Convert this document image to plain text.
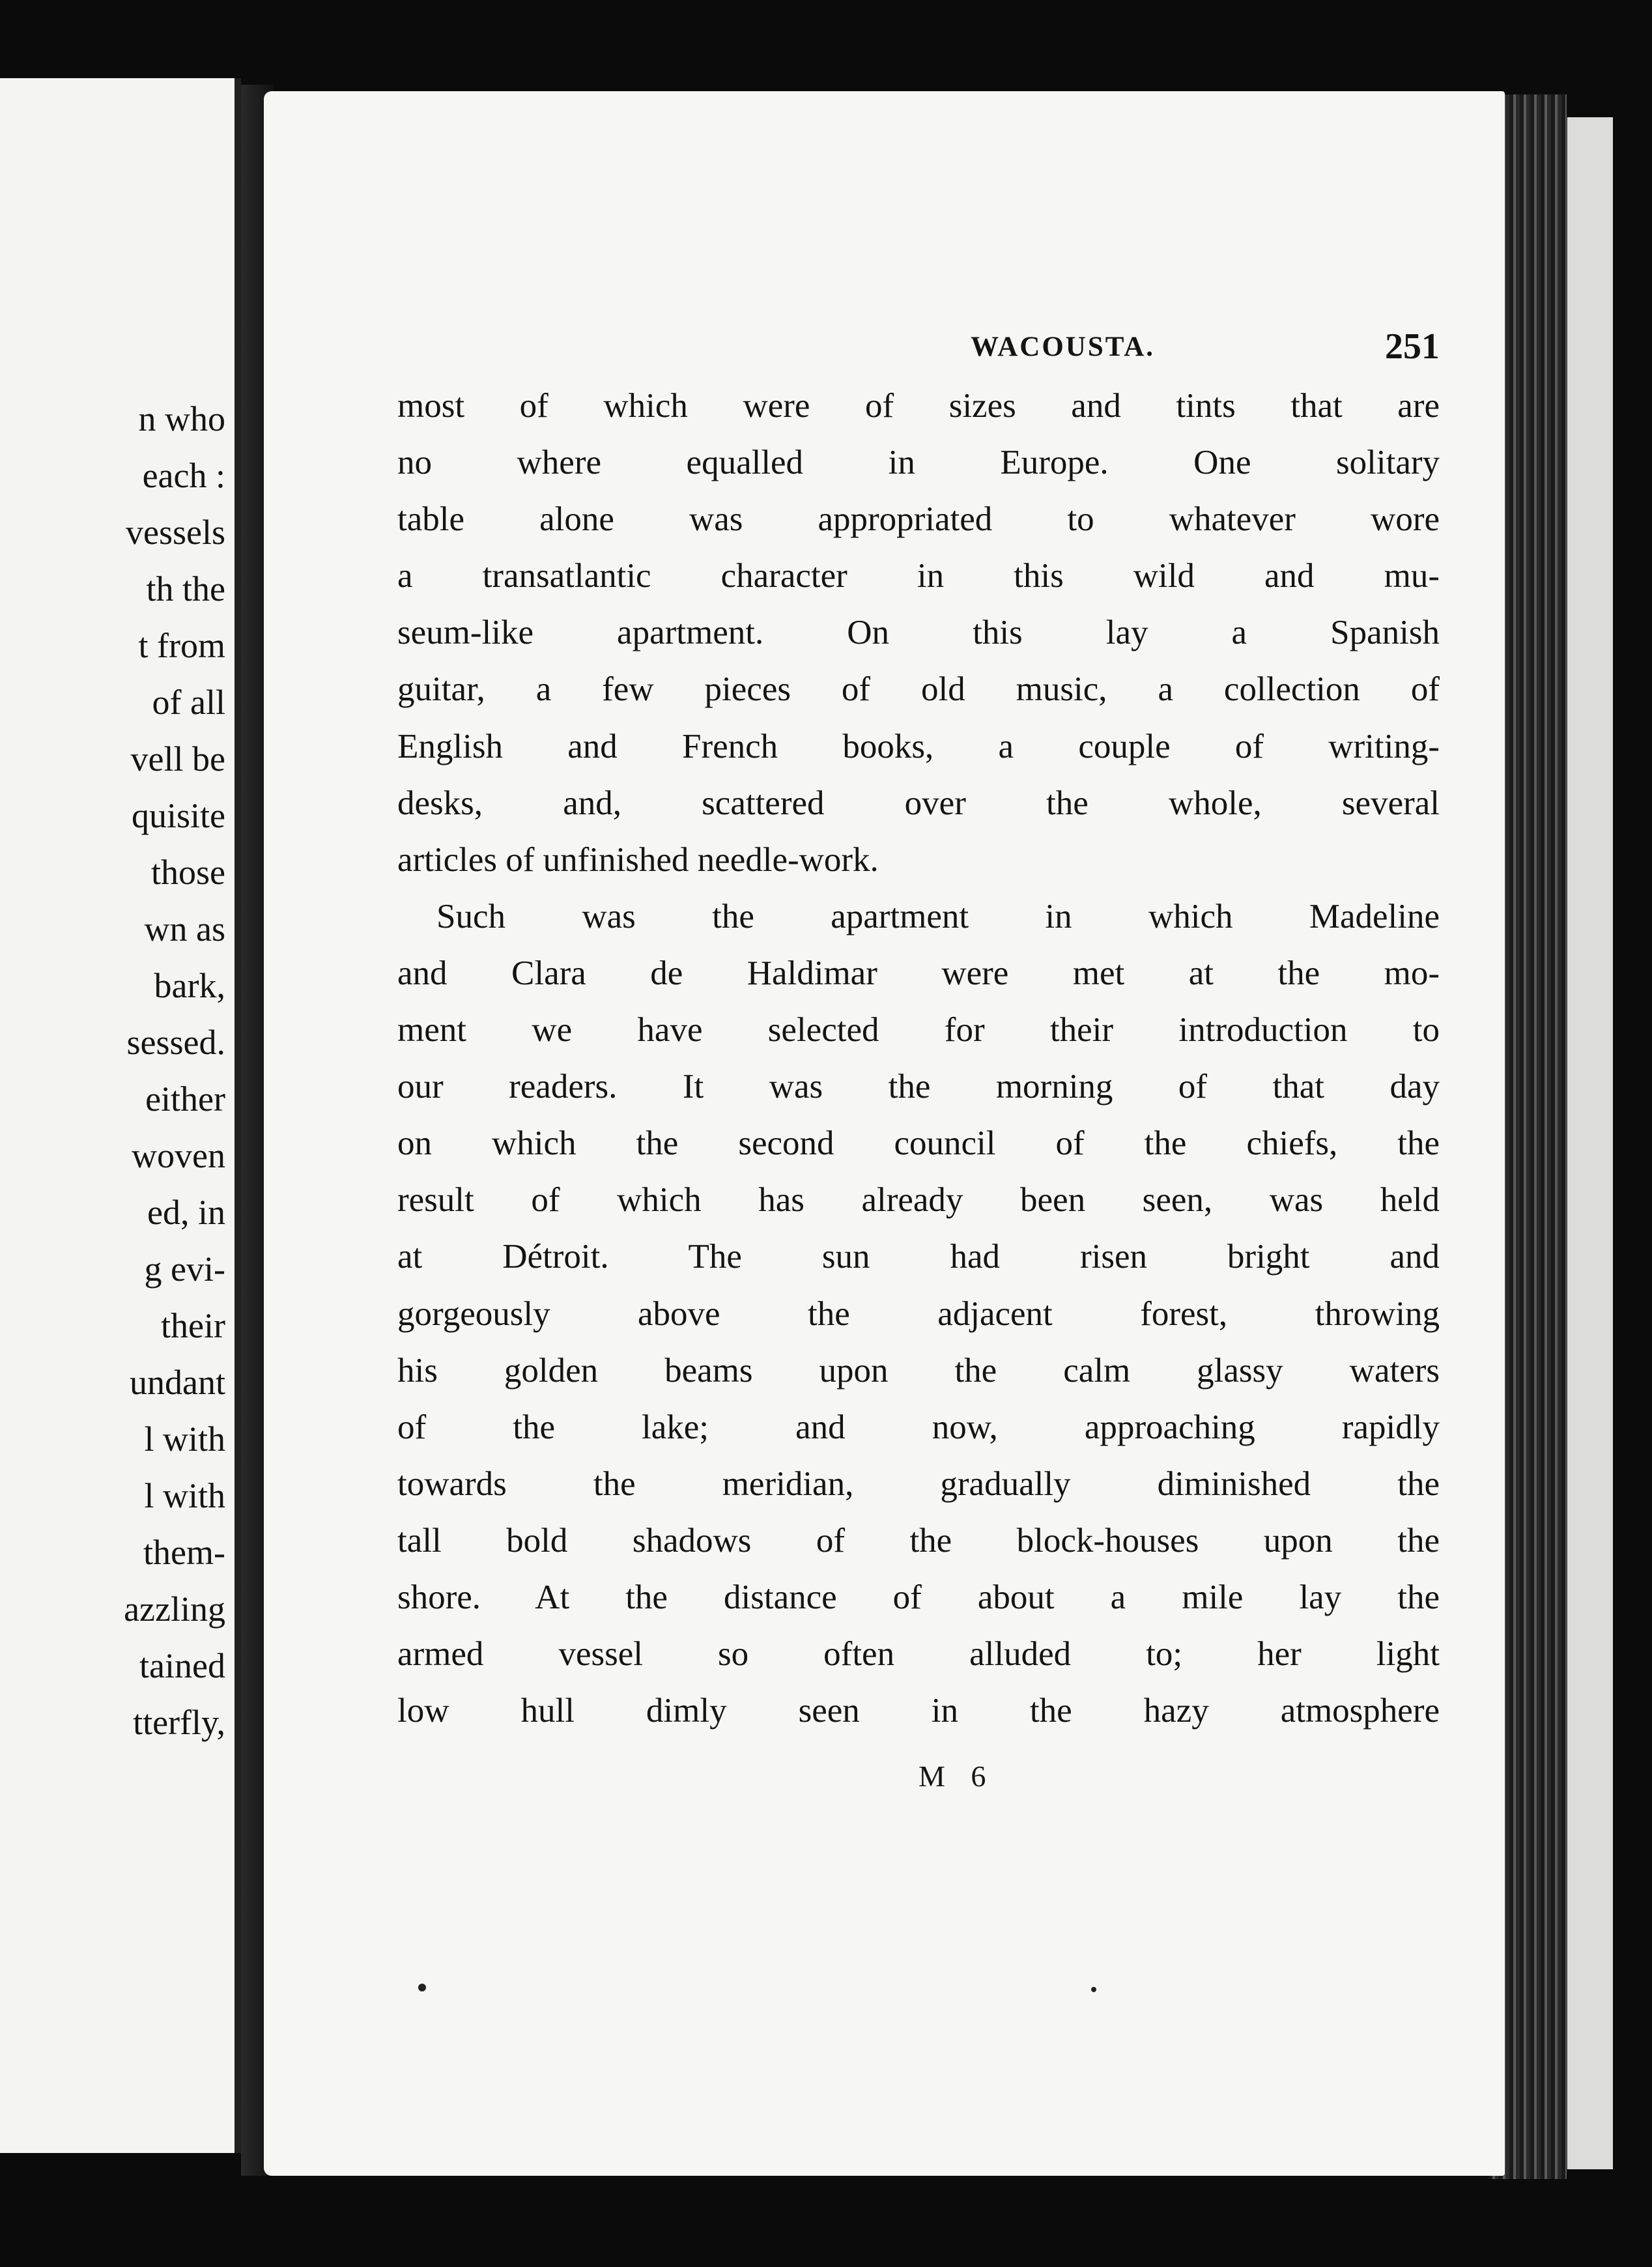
n who
each :
vessels
th the
t from
of all
vell be
quisite
those
wn as
bark,
sessed.
either
woven
ed, in
g evi-
their
undant
l with
l with
them-
azzling
tained
tterfly,
WACOUSTA.	251
most of which were of sizes and tints that are
no where equalled in Europe. One solitary
table alone was appropriated to whatever wore
a transatlantic character in this wild and mu-
seum-like apartment. On this lay a Spanish
guitar, a few pieces of old music, a collection of
English and French books, a couple of writing-
desks, and, scattered over the whole, several
articles of unfinished needle-work.
Such was the apartment in which Madeline
and Clara de Haldimar were met at the mo-
ment we have selected for their introduction to
our readers. It was the morning of that day
on which the second council of the chiefs, the
result of which has already been seen, was held
at Détroit. The sun had risen bright and
gorgeously above the adjacent forest, throwing
his golden beams upon the calm glassy waters
of the lake; and now, approaching rapidly
towards the meridian, gradually diminished the
tall bold shadows of the block-houses upon the
shore. At the distance of about a mile lay the
armed vessel so often alluded to; her light
low hull dimly seen in the hazy atmosphere
M 6
